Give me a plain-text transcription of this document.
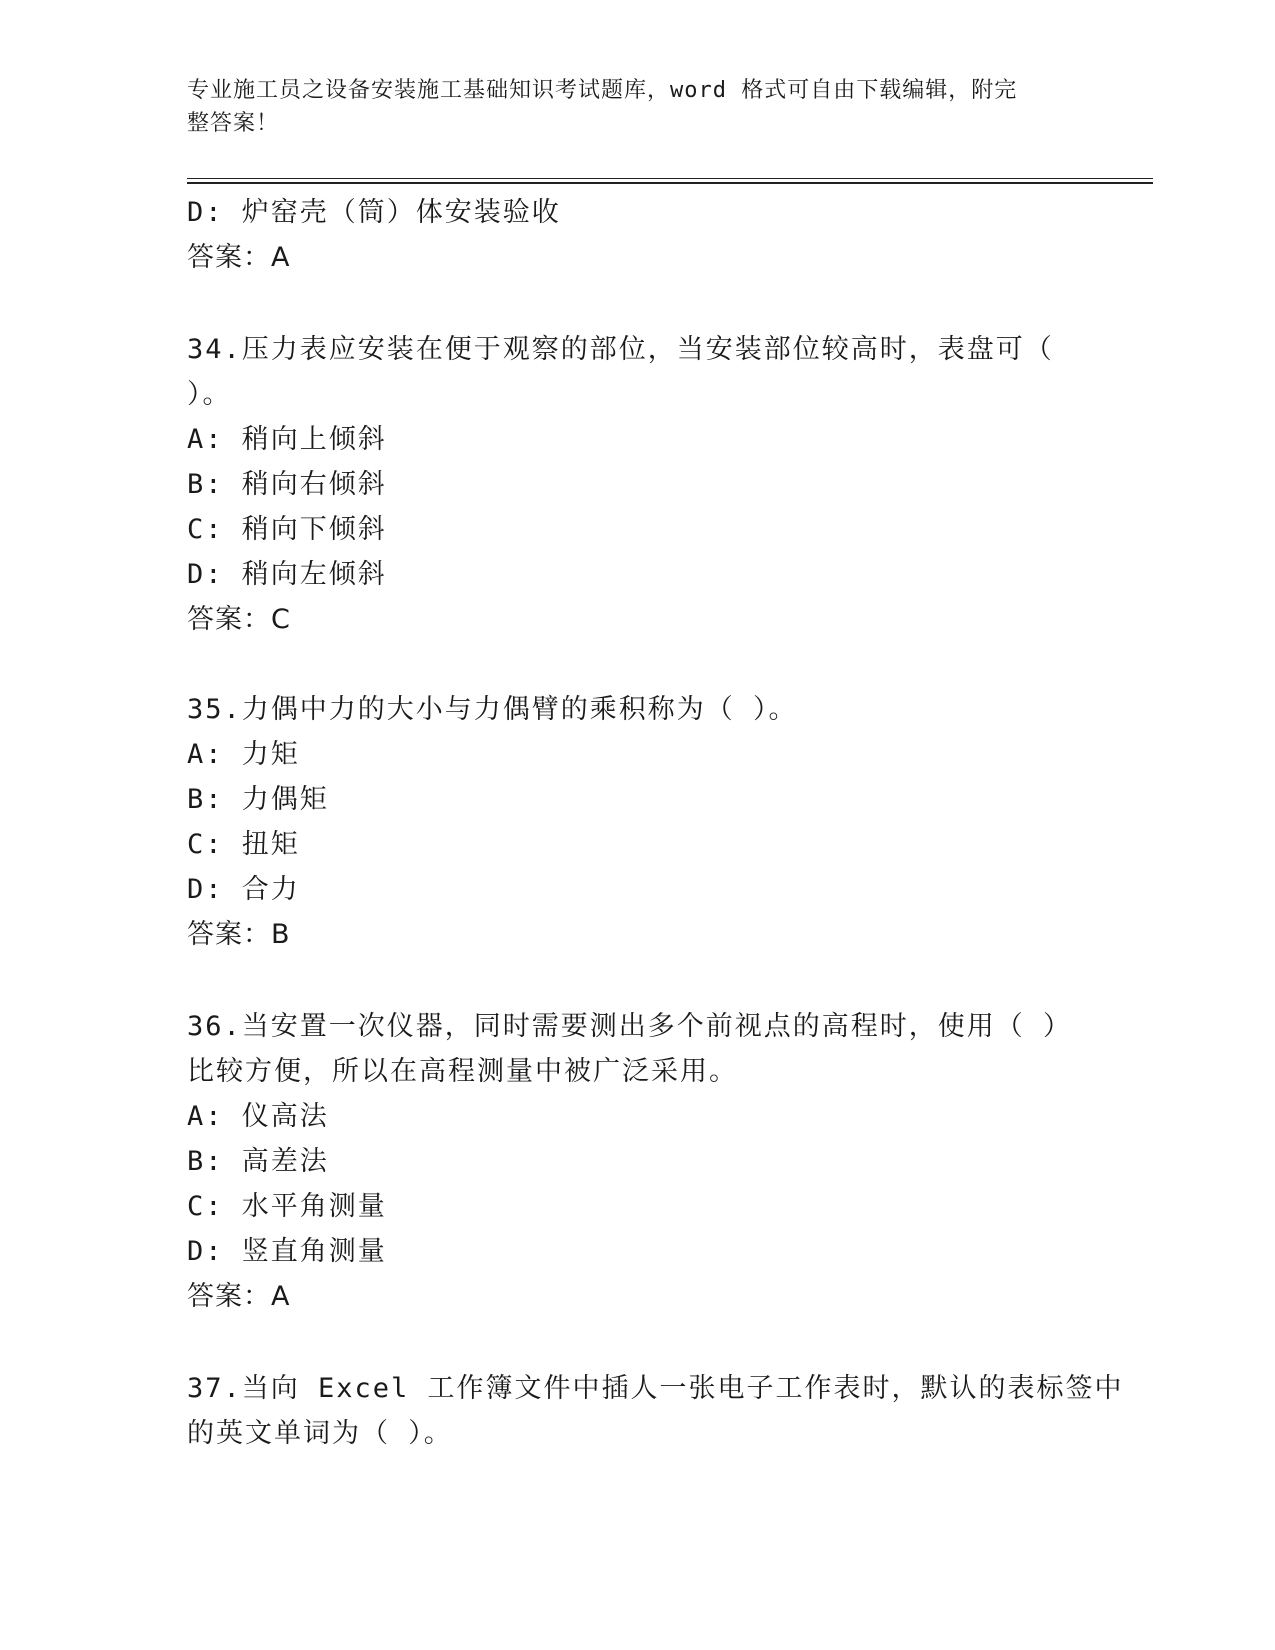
专业施工员之设备安装施工基础知识考试题库，word 格式可自由下载编辑，附完
整答案！
D: 炉窑壳（筒）体安装验收
答案：A
34.压力表应安装在便于观察的部位，当安装部位较高时，表盘可（
）。
A: 稍向上倾斜
B: 稍向右倾斜
C: 稍向下倾斜
D: 稍向左倾斜
答案：C
35.力偶中力的大小与力偶臂的乘积称为（ ）。
A: 力矩
B: 力偶矩
C: 扭矩
D: 合力
答案：B
36.当安置一次仪器，同时需要测出多个前视点的高程时，使用（ ）
比较方便，所以在高程测量中被广泛采用。
A: 仪高法
B: 高差法
C: 水平角测量
D: 竖直角测量
答案：A
37.当向 Excel 工作簿文件中插人一张电子工作表时，默认的表标签中
的英文单词为（ ）。
